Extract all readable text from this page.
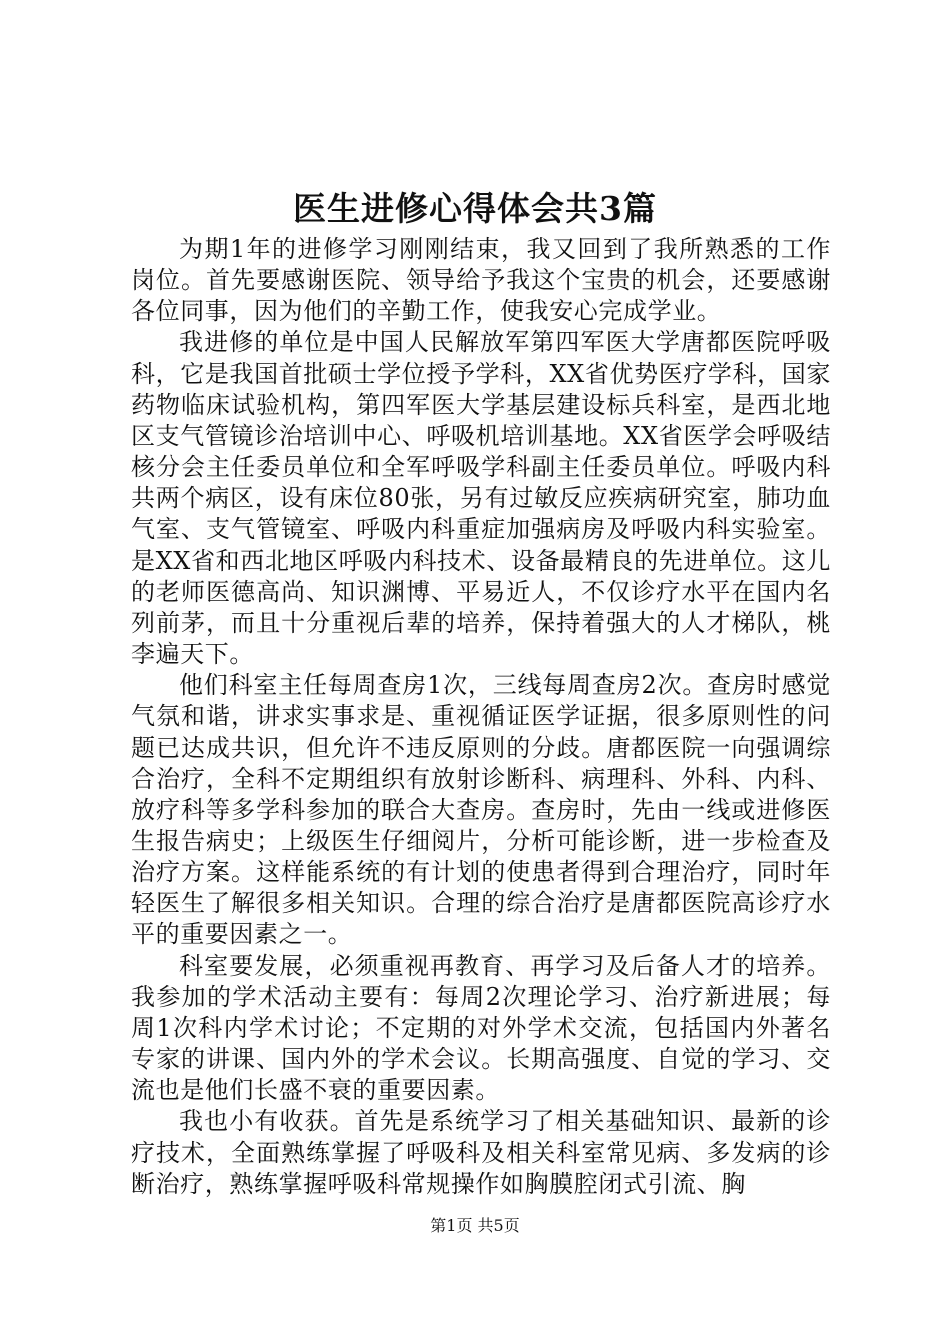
医生进修心得体会共3篇

为期1年的进修学习刚刚结束，我又回到了我所熟悉的工作岗位。首先要感谢医院、领导给予我这个宝贵的机会，还要感谢各位同事，因为他们的辛勤工作，使我安心完成学业。

我进修的单位是中国人民解放军第四军医大学唐都医院呼吸科，它是我国首批硕士学位授予学科，XX省优势医疗学科，国家药物临床试验机构，第四军医大学基层建设标兵科室，是西北地区支气管镜诊治培训中心、呼吸机培训基地。XX省医学会呼吸结核分会主任委员单位和全军呼吸学科副主任委员单位。呼吸内科共两个病区，设有床位80张，另有过敏反应疾病研究室，肺功血气室、支气管镜室、呼吸内科重症加强病房及呼吸内科实验室。是XX省和西北地区呼吸内科技术、设备最精良的先进单位。这儿的老师医德高尚、知识渊博、平易近人，不仅诊疗水平在国内名列前茅，而且十分重视后辈的培养，保持着强大的人才梯队，桃李遍天下。

他们科室主任每周查房1次，三线每周查房2次。查房时感觉气氛和谐，讲求实事求是、重视循证医学证据，很多原则性的问题已达成共识，但允许不违反原则的分歧。唐都医院一向强调综合治疗，全科不定期组织有放射诊断科、病理科、外科、内科、放疗科等多学科参加的联合大查房。查房时，先由一线或进修医生报告病史；上级医生仔细阅片，分析可能诊断，进一步检查及治疗方案。这样能系统的有计划的使患者得到合理治疗，同时年轻医生了解很多相关知识。合理的综合治疗是唐都医院高诊疗水平的重要因素之一。

科室要发展，必须重视再教育、再学习及后备人才的培养。我参加的学术活动主要有：每周2次理论学习、治疗新进展；每周1次科内学术讨论；不定期的对外学术交流，包括国内外著名专家的讲课、国内外的学术会议。长期高强度、自觉的学习、交流也是他们长盛不衰的重要因素。

我也小有收获。首先是系统学习了相关基础知识、最新的诊疗技术，全面熟练掌握了呼吸科及相关科室常见病、多发病的诊断治疗，熟练掌握呼吸科常规操作如胸膜腔闭式引流、胸

第1页 共5页
